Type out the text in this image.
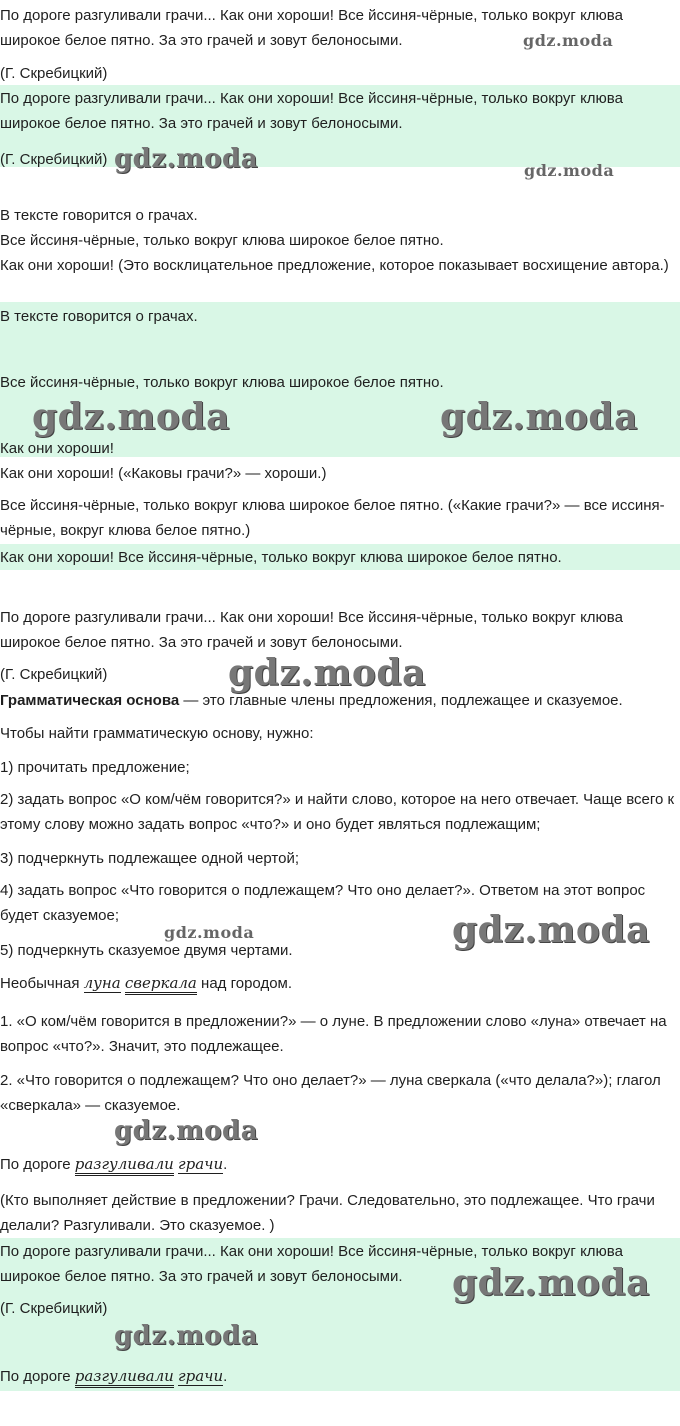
По дороге разгуливали грачи... Как они хороши! Все йссиня-чёрные, только вокруг клюва широкое белое пятно. За это грачей и зовут белоносыми.

(Г. Скребицкий)

По дороге разгуливали грачи... Как они хороши! Все йссиня-чёрные, только вокруг клюва широкое белое пятно. За это грачей и зовут белоносыми.

(Г. Скребицкий)

В тексте говорится о грачах.

Все йссиня-чёрные, только вокруг клюва широкое белое пятно.

Как они хороши! (Это восклицательное предложение, которое показывает восхищение автора.)

В тексте говорится о грачах.

Все йссиня-чёрные, только вокруг клюва широкое белое пятно.

Как они хороши!

Как они хороши! («Каковы грачи?» — хороши.)

Все йссиня-чёрные, только вокруг клюва широкое белое пятно. («Какие грачи?» — все иссиня-чёрные, вокруг клюва белое пятно.)

Как они хороши! Все йссиня-чёрные, только вокруг клюва широкое белое пятно.

По дороге разгуливали грачи... Как они хороши! Все йссиня-чёрные, только вокруг клюва широкое белое пятно. За это грачей и зовут белоносыми.

(Г. Скребицкий)

Грамматическая основа — это главные члены предложения, подлежащее и сказуемое.

Чтобы найти грамматическую основу, нужно:

1) прочитать предложение;

2) задать вопрос «О ком/чём говорится?» и найти слово, которое на него отвечает. Чаще всего к этому слову можно задать вопрос «что?» и оно будет являться подлежащим;

3) подчеркнуть подлежащее одной чертой;

4) задать вопрос «Что говорится о подлежащем? Что оно делает?». Ответом на этот вопрос будет сказуемое;

5) подчеркнуть сказуемое двумя чертами.

Необычная луна сверкала над городом.

1. «О ком/чём говорится в предложении?» — о луне. В предложении слово «луна» отвечает на вопрос «что?». Значит, это подлежащее.

2. «Что говорится о подлежащем? Что оно делает?» — луна сверкала («что делала?»); глагол «сверкала» — сказуемое.

По дороге разгуливали грачи.

(Кто выполняет действие в предложении? Грачи. Следовательно, это подлежащее. Что грачи делали? Разгуливали. Это сказуемое. )

По дороге разгуливали грачи... Как они хороши! Все йссиня-чёрные, только вокруг клюва широкое белое пятно. За это грачей и зовут белоносыми.

(Г. Скребицкий)

По дороге разгуливали грачи.

gdz.moda
gdz.moda	gdz.moda
gdz.moda	gdz.moda
gdz.moda
gdz.moda	gdz.moda
gdz.moda
gdz.moda
gdz.moda
